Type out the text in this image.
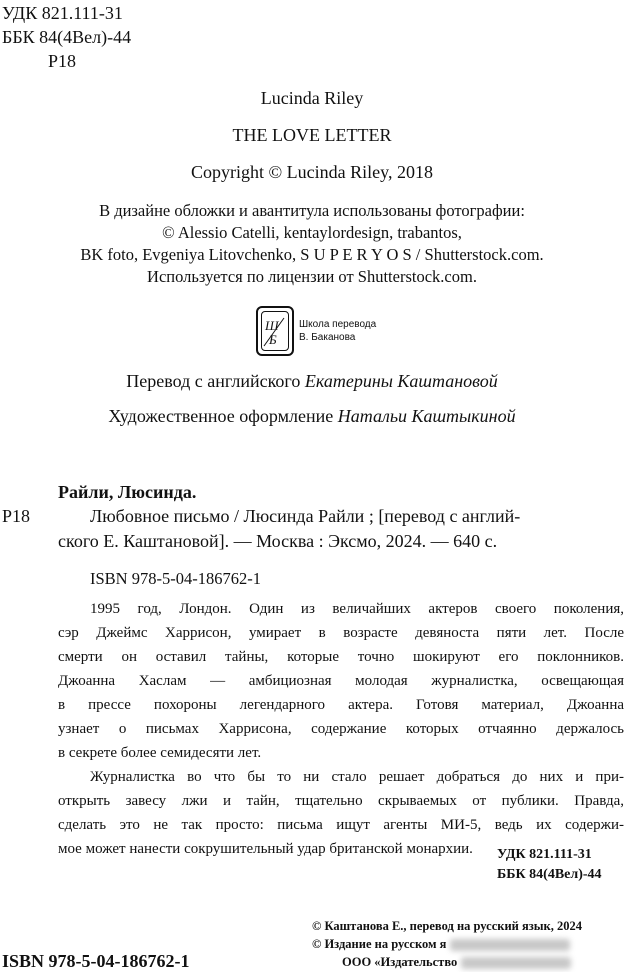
УДК 821.111-31
ББК 84(4Вел)-44
Р18
Lucinda Riley
THE LOVE LETTER
Copyright © Lucinda Riley, 2018
В дизайне обложки и авантитула использованы фотографии:
© Alessio Catelli, kentaylordesign, trabantos,
BK foto, Evgeniya Litovchenko, S U P E R Y O S / Shutterstock.com.
Используется по лицензии от Shutterstock.com.
Ш
Б
Школа перевода
В. Баканова
Перевод с английского Екатерины Каштановой
Художественное оформление Натальи Каштыкиной
Райли, Люсинда.
Р18	Любовное письмо / Люсинда Райли ; [перевод с англий-
ского Е. Каштановой]. — Москва : Эксмо, 2024. — 640 с.
ISBN 978-5-04-186762-1
1995 год, Лондон. Один из величайших актеров своего поколения,
сэр Джеймс Харрисон, умирает в возрасте девяноста пяти лет. После
смерти он оставил тайны, которые точно шокируют его поклонников.
Джоанна Хаслам — амбициозная молодая журналистка, освещающая
в прессе похороны легендарного актера. Готовя материал, Джоанна
узнает о письмах Харрисона, содержание которых отчаянно держалось
в секрете более семидесяти лет.
Журналистка во что бы то ни стало решает добраться до них и при-
открыть завесу лжи и тайн, тщательно скрываемых от публики. Правда,
сделать это не так просто: письма ищут агенты МИ-5, ведь их содержи-
мое может нанести сокрушительный удар британской монархии.	УДК 821.111-31
ББК 84(4Вел)-44
© Каштанова Е., перевод на русский язык, 2024
© Издание на русском я
ООО «Издательство
ISBN 978-5-04-186762-1
